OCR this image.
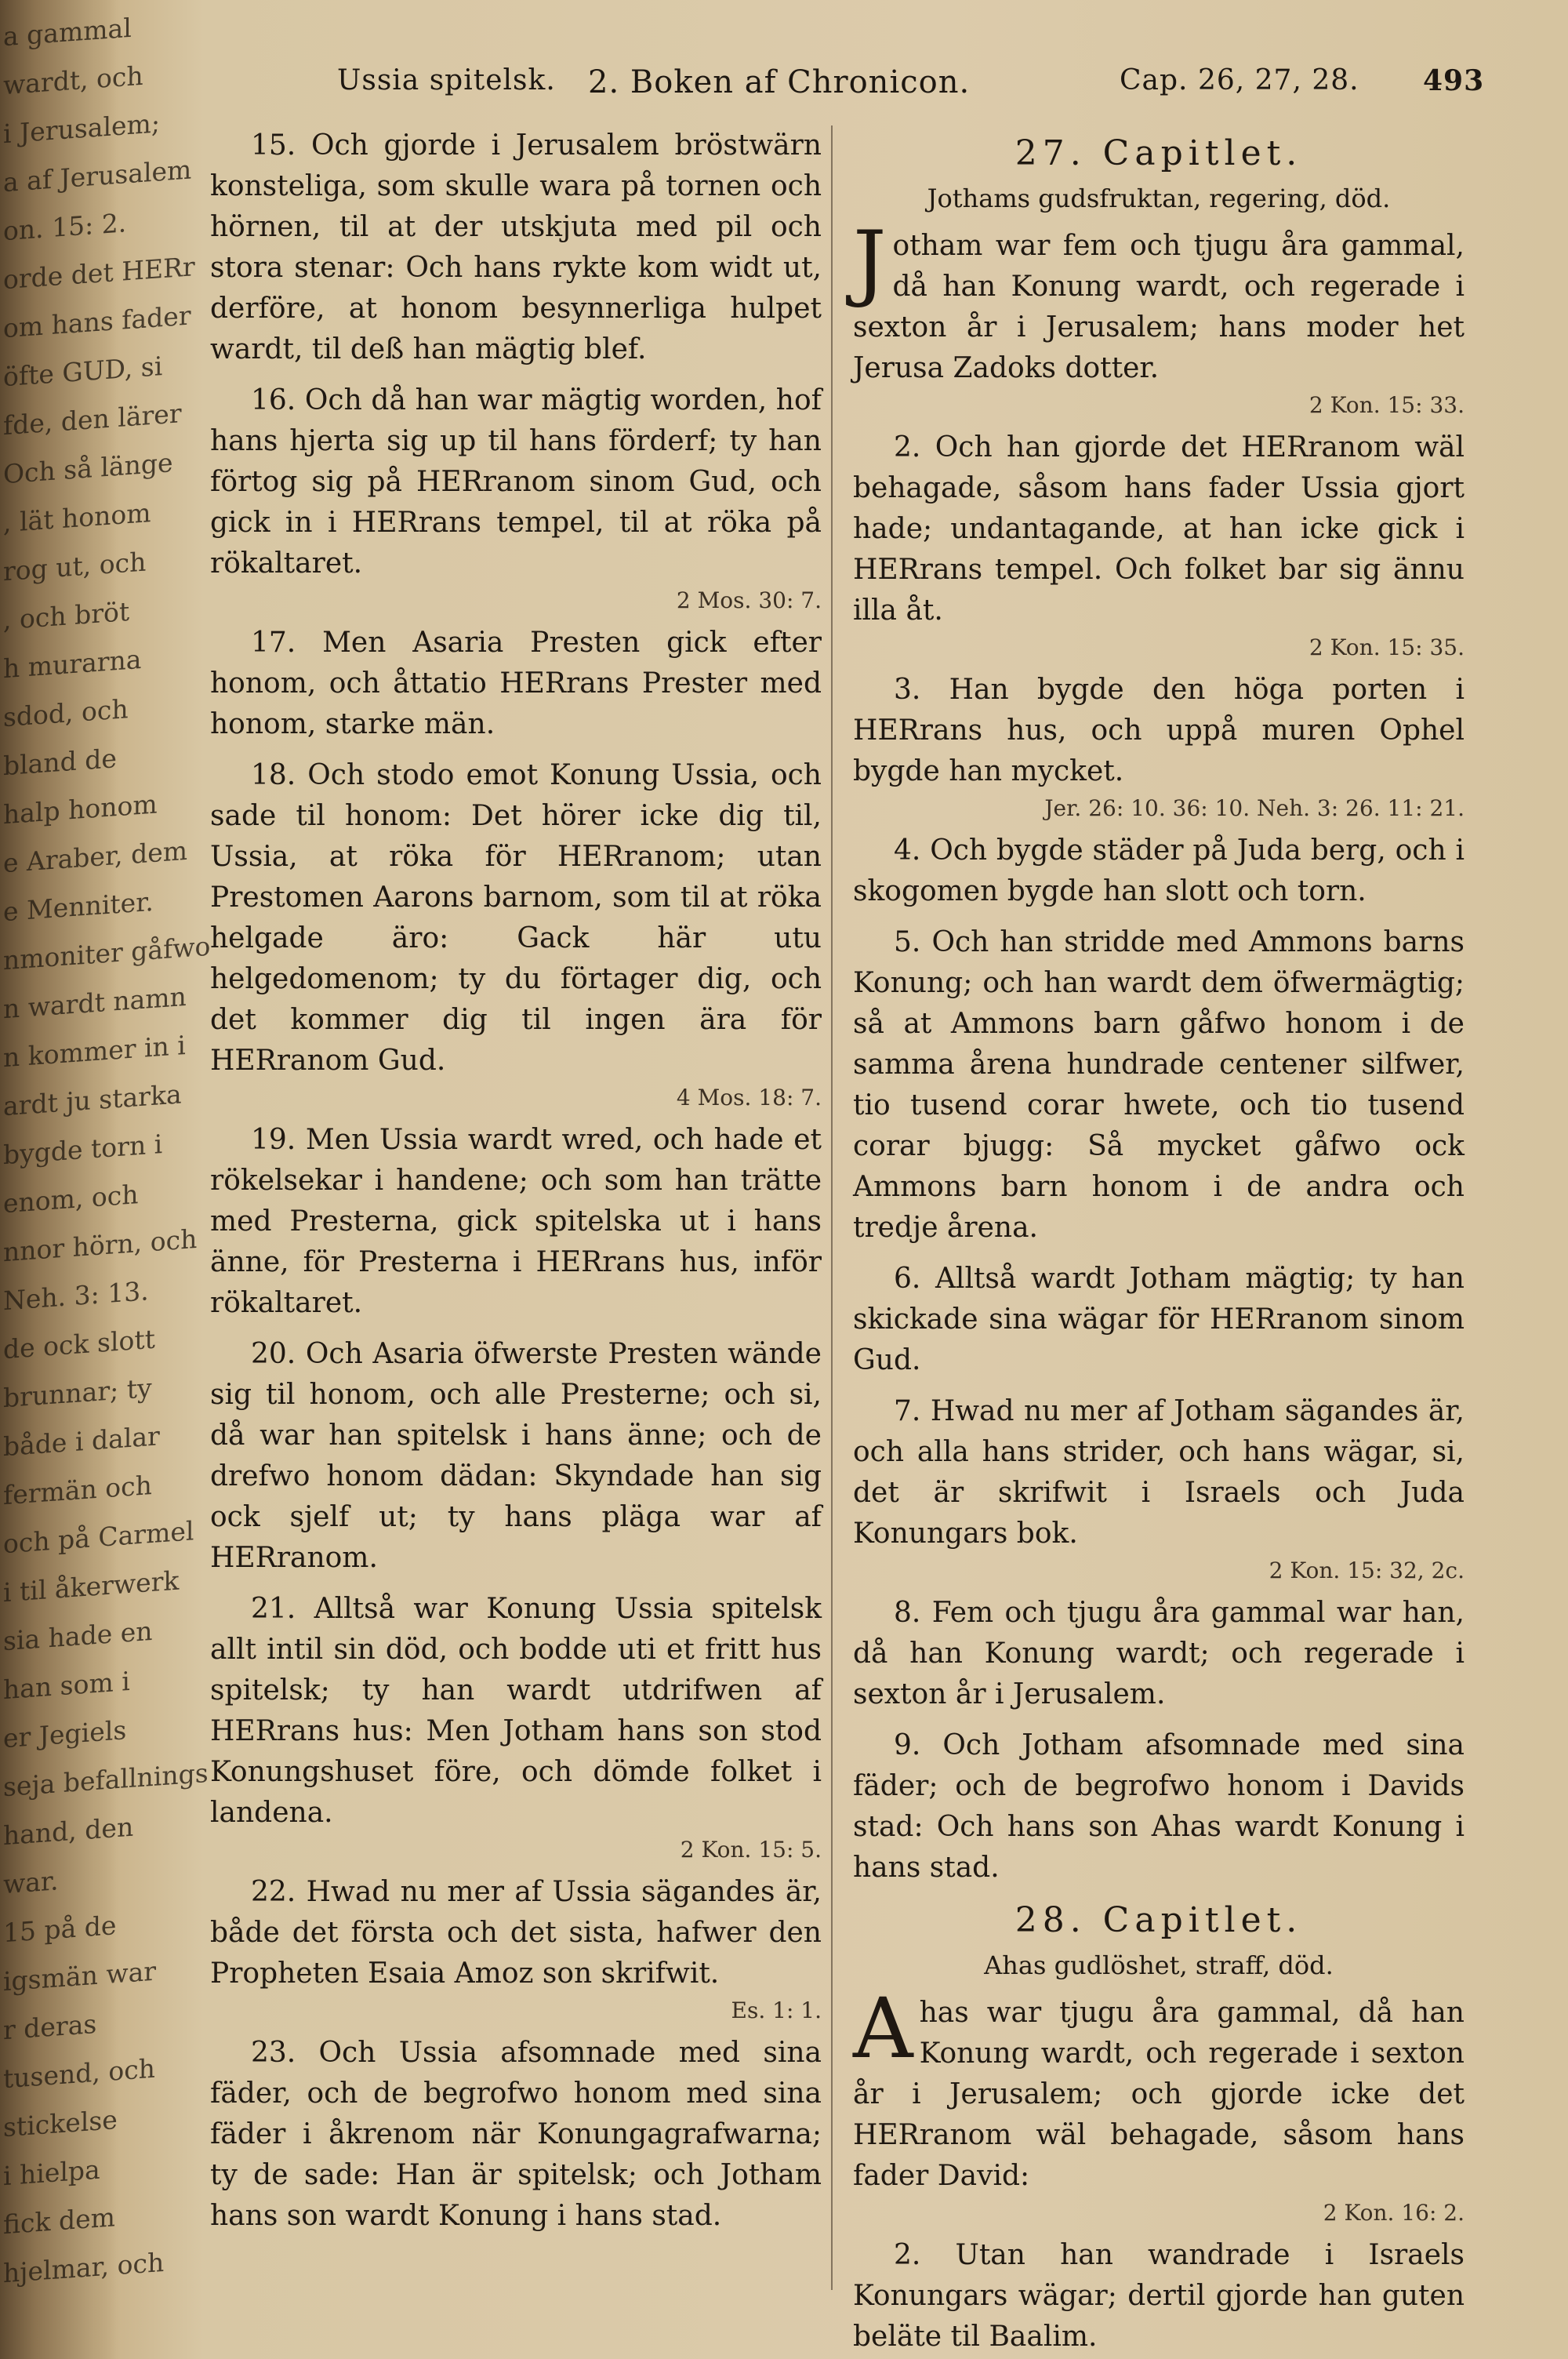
a gammal
wardt, och
i Jerusalem;
a af Jerusalem
on. 15: 2.
orde det HERr
om hans fader
öfte GUD, si
fde, den lärer
Och så länge
, lät honom
rog ut, och
, och bröt
h murarna
sdod, och
bland de
halp honom
e Araber, dem
e Menniter.
nmoniter gåfwo
n wardt namn
n kommer in i
ardt ju starka
bygde torn i
enom, och
nnor hörn, och
Neh. 3: 13.
de ock slott
brunnar; ty
både i dalar
fermän och
och på Carmel
i til åkerwerk
sia hade en
han som i
er Jegiels
seja befallnings
hand, den
war.
15 på de
igsmän war
r deras
tusend, och
stickelse
i hielpa
fick dem
hjelmar, och
Ussia spitelsk. 2. Boken af Chronicon.	Cap. 26, 27, 28. 493
15. Och gjorde i Jerusalem bröstwärn konsteliga, som skulle wara på tornen och hörnen, til at der utskjuta med pil och stora stenar: Och hans rykte kom widt ut, derföre, at honom besynnerliga hulpet wardt, til deß han mägtig blef.
16. Och då han war mägtig worden, hof hans hjerta sig up til hans förderf; ty han förtog sig på HERranom sinom Gud, och gick in i HERrans tempel, til at röka på rökaltaret.
2 Mos. 30: 7.
17. Men Asaria Presten gick efter honom, och åttatio HERrans Prester med honom, starke män.
18. Och stodo emot Konung Ussia, och sade til honom: Det hörer icke dig til, Ussia, at röka för HERranom; utan Prestomen Aarons barnom, som til at röka helgade äro: Gack här utu helgedomenom; ty du förtager dig, och det kommer dig til ingen ära för HERranom Gud.
4 Mos. 18: 7.
19. Men Ussia wardt wred, och hade et rökelsekar i handene; och som han trätte med Presterna, gick spitelska ut i hans änne, för Presterna i HERrans hus, inför rökaltaret.
20. Och Asaria öfwerste Presten wände sig til honom, och alle Presterne; och si, då war han spitelsk i hans änne; och de drefwo honom dädan: Skyndade han sig ock sjelf ut; ty hans pläga war af HERranom.
21. Alltså war Konung Ussia spitelsk allt intil sin död, och bodde uti et fritt hus spitelsk; ty han wardt utdrifwen af HERrans hus: Men Jotham hans son stod Konungshuset före, och dömde folket i landena.
2 Kon. 15: 5.
22. Hwad nu mer af Ussia sägandes är, både det första och det sista, hafwer den Propheten Esaia Amoz son skrifwit.
Es. 1: 1.
23. Och Ussia afsomnade med sina fäder, och de begrofwo honom med sina fäder i åkrenom när Konungagrafwarna; ty de sade: Han är spitelsk; och Jotham hans son wardt Konung i hans stad.
27. Capitlet.
Jothams gudsfruktan, regering, död.
J otham war fem och tjugu åra gammal, då han Konung wardt, och regerade i sexton år i Jerusalem; hans moder het Jerusa Zadoks dotter.
2 Kon. 15: 33.
2. Och han gjorde det HERranom wäl behagade, såsom hans fader Ussia gjort hade; undantagande, at han icke gick i HERrans tempel. Och folket bar sig ännu illa åt.
2 Kon. 15: 35.
3. Han bygde den höga porten i HERrans hus, och uppå muren Ophel bygde han mycket.
Jer. 26: 10. 36: 10. Neh. 3: 26. 11: 21.
4. Och bygde städer på Juda berg, och i skogomen bygde han slott och torn.
5. Och han stridde med Ammons barns Konung; och han wardt dem öfwermägtig; så at Ammons barn gåfwo honom i de samma årena hundrade centener silfwer, tio tusend corar hwete, och tio tusend corar bjugg: Så mycket gåfwo ock Ammons barn honom i de andra och tredje årena.
6. Alltså wardt Jotham mägtig; ty han skickade sina wägar för HERranom sinom Gud.
7. Hwad nu mer af Jotham sägandes är, och alla hans strider, och hans wägar, si, det är skrifwit i Israels och Juda Konungars bok.
2 Kon. 15: 32, 2c.
8. Fem och tjugu åra gammal war han, då han Konung wardt; och regerade i sexton år i Jerusalem.
9. Och Jotham afsomnade med sina fäder; och de begrofwo honom i Davids stad: Och hans son Ahas wardt Konung i hans stad.
28. Capitlet.
Ahas gudlöshet, straff, död.
A has war tjugu åra gammal, då han Konung wardt, och regerade i sexton år i Jerusalem; och gjorde icke det HERranom wäl behagade, såsom hans fader David:
2 Kon. 16: 2.
2. Utan han wandrade i Israels Konungars wägar; dertil gjorde han guten beläte til Baalim.
